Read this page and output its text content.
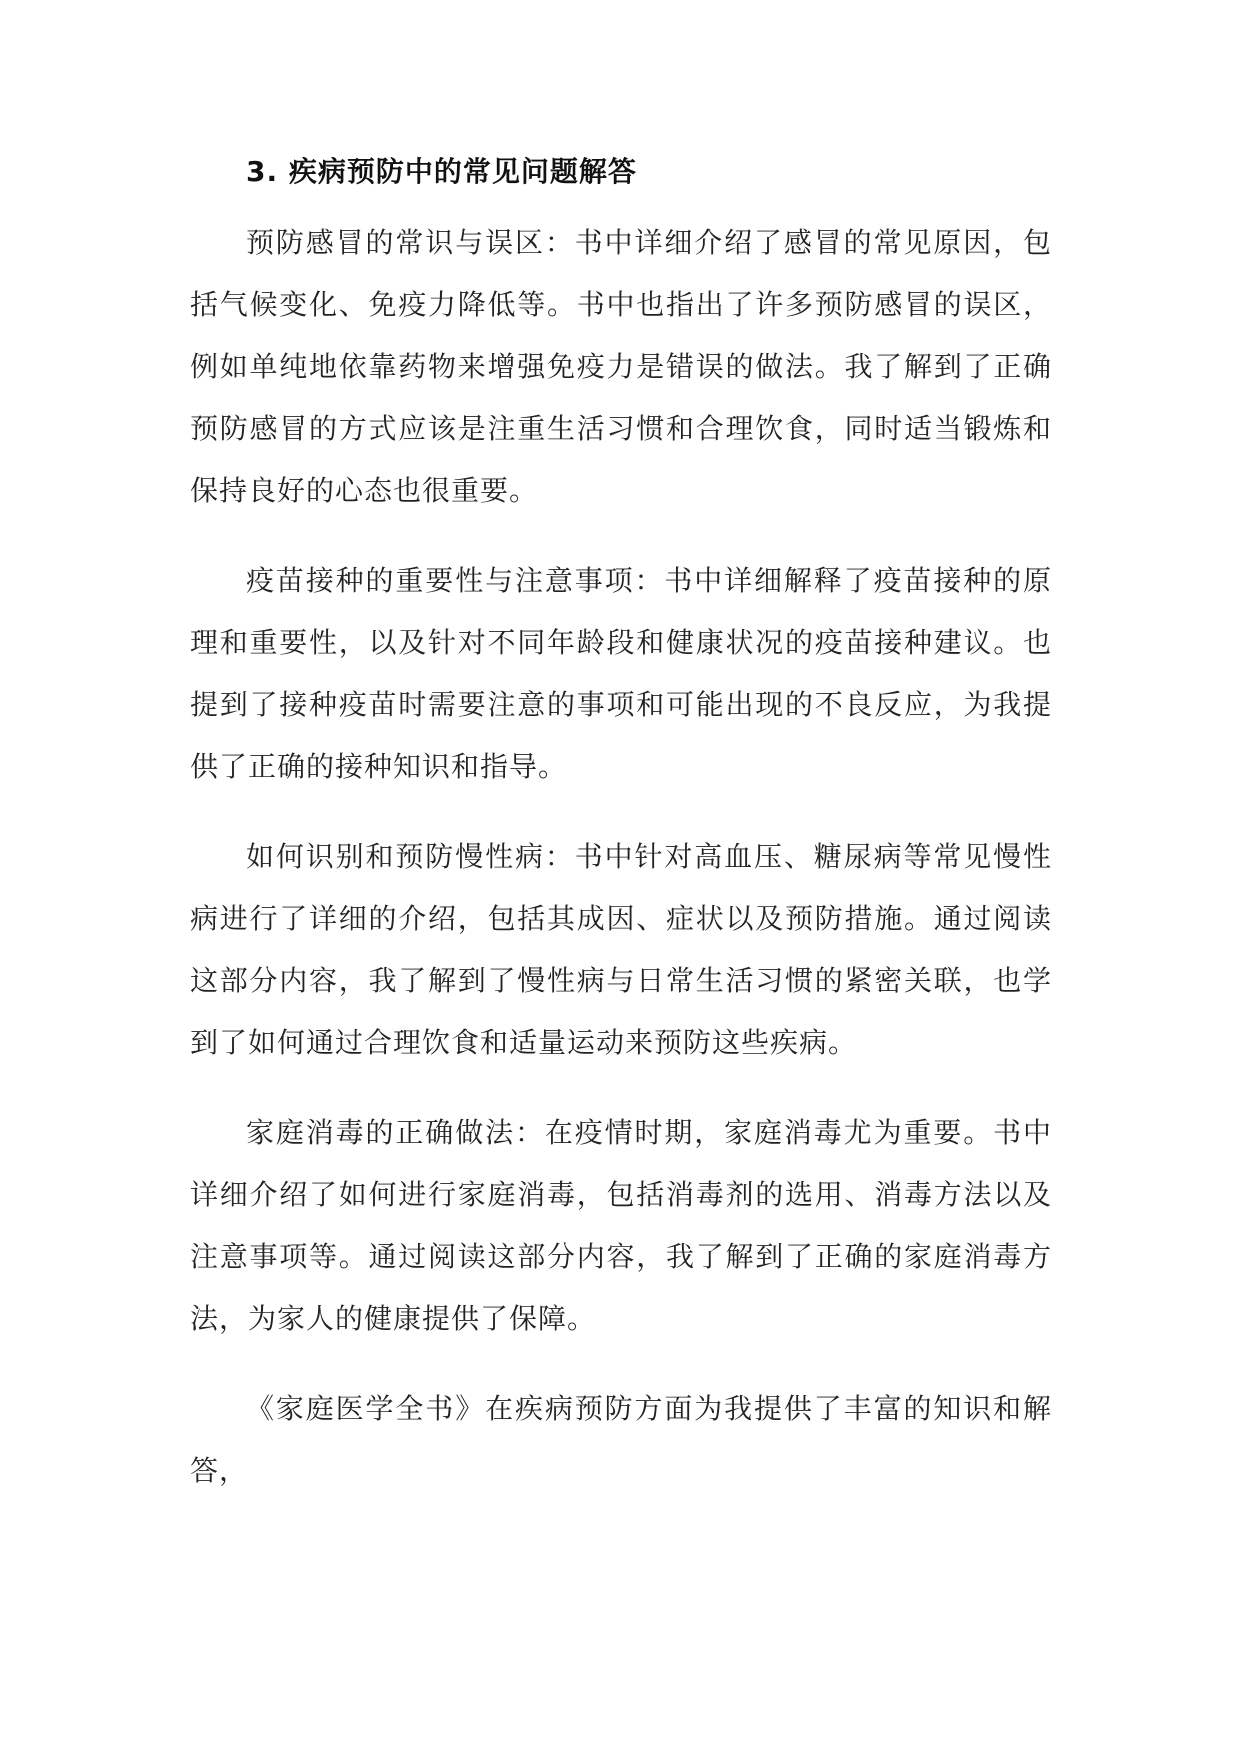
3. 疾病预防中的常见问题解答

预防感冒的常识与误区：书中详细介绍了感冒的常见原因，包括气候变化、免疫力降低等。书中也指出了许多预防感冒的误区，例如单纯地依靠药物来增强免疫力是错误的做法。我了解到了正确预防感冒的方式应该是注重生活习惯和合理饮食，同时适当锻炼和保持良好的心态也很重要。

疫苗接种的重要性与注意事项：书中详细解释了疫苗接种的原理和重要性，以及针对不同年龄段和健康状况的疫苗接种建议。也提到了接种疫苗时需要注意的事项和可能出现的不良反应，为我提供了正确的接种知识和指导。

如何识别和预防慢性病：书中针对高血压、糖尿病等常见慢性病进行了详细的介绍，包括其成因、症状以及预防措施。通过阅读这部分内容，我了解到了慢性病与日常生活习惯的紧密关联，也学到了如何通过合理饮食和适量运动来预防这些疾病。

家庭消毒的正确做法：在疫情时期，家庭消毒尤为重要。书中详细介绍了如何进行家庭消毒，包括消毒剂的选用、消毒方法以及注意事项等。通过阅读这部分内容，我了解到了正确的家庭消毒方法，为家人的健康提供了保障。

《家庭医学全书》在疾病预防方面为我提供了丰富的知识和解答，
